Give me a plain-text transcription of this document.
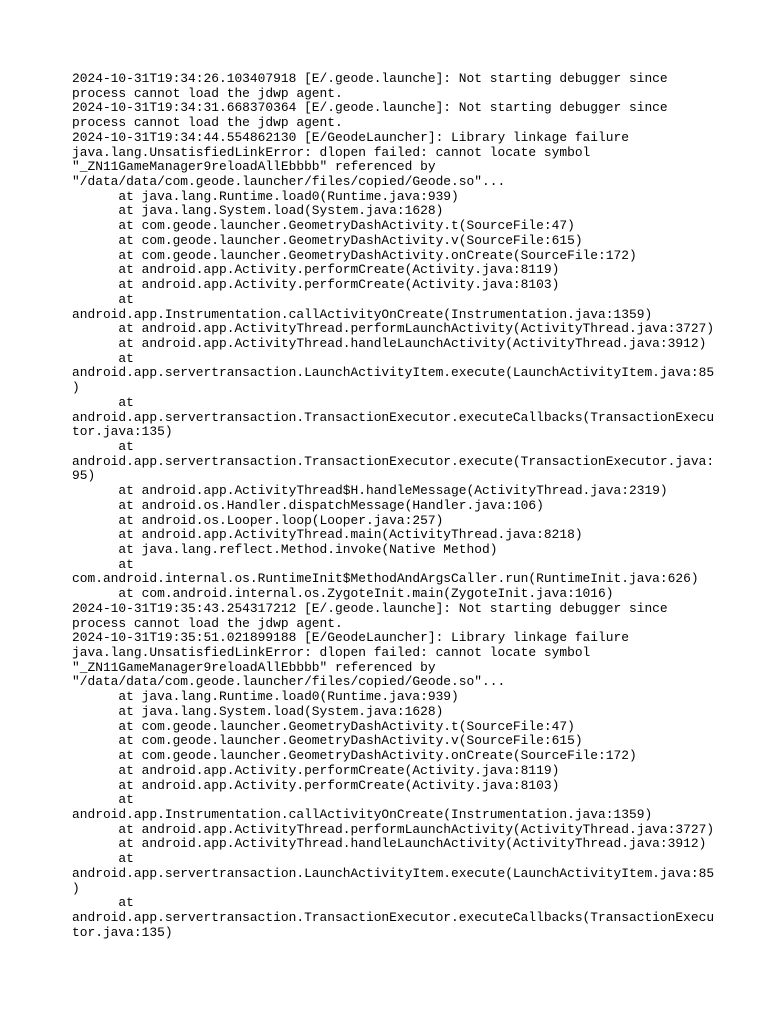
2024-10-31T19:34:26.103407918 [E/.geode.launche]: Not starting debugger since
process cannot load the jdwp agent.
2024-10-31T19:34:31.668370364 [E/.geode.launche]: Not starting debugger since
process cannot load the jdwp agent.
2024-10-31T19:34:44.554862130 [E/GeodeLauncher]: Library linkage failure
java.lang.UnsatisfiedLinkError: dlopen failed: cannot locate symbol
"_ZN11GameManager9reloadAllEbbbb" referenced by
"/data/data/com.geode.launcher/files/copied/Geode.so"...
at java.lang.Runtime.load0(Runtime.java:939)
at java.lang.System.load(System.java:1628)
at com.geode.launcher.GeometryDashActivity.t(SourceFile:47)
at com.geode.launcher.GeometryDashActivity.v(SourceFile:615)
at com.geode.launcher.GeometryDashActivity.onCreate(SourceFile:172)
at android.app.Activity.performCreate(Activity.java:8119)
at android.app.Activity.performCreate(Activity.java:8103)
at
android.app.Instrumentation.callActivityOnCreate(Instrumentation.java:1359)
at android.app.ActivityThread.performLaunchActivity(ActivityThread.java:3727)
at android.app.ActivityThread.handleLaunchActivity(ActivityThread.java:3912)
at
android.app.servertransaction.LaunchActivityItem.execute(LaunchActivityItem.java:85
)
at
android.app.servertransaction.TransactionExecutor.executeCallbacks(TransactionExecu
tor.java:135)
at
android.app.servertransaction.TransactionExecutor.execute(TransactionExecutor.java:
95)
at android.app.ActivityThread$H.handleMessage(ActivityThread.java:2319)
at android.os.Handler.dispatchMessage(Handler.java:106)
at android.os.Looper.loop(Looper.java:257)
at android.app.ActivityThread.main(ActivityThread.java:8218)
at java.lang.reflect.Method.invoke(Native Method)
at
com.android.internal.os.RuntimeInit$MethodAndArgsCaller.run(RuntimeInit.java:626)
at com.android.internal.os.ZygoteInit.main(ZygoteInit.java:1016)
2024-10-31T19:35:43.254317212 [E/.geode.launche]: Not starting debugger since
process cannot load the jdwp agent.
2024-10-31T19:35:51.021899188 [E/GeodeLauncher]: Library linkage failure
java.lang.UnsatisfiedLinkError: dlopen failed: cannot locate symbol
"_ZN11GameManager9reloadAllEbbbb" referenced by
"/data/data/com.geode.launcher/files/copied/Geode.so"...
at java.lang.Runtime.load0(Runtime.java:939)
at java.lang.System.load(System.java:1628)
at com.geode.launcher.GeometryDashActivity.t(SourceFile:47)
at com.geode.launcher.GeometryDashActivity.v(SourceFile:615)
at com.geode.launcher.GeometryDashActivity.onCreate(SourceFile:172)
at android.app.Activity.performCreate(Activity.java:8119)
at android.app.Activity.performCreate(Activity.java:8103)
at
android.app.Instrumentation.callActivityOnCreate(Instrumentation.java:1359)
at android.app.ActivityThread.performLaunchActivity(ActivityThread.java:3727)
at android.app.ActivityThread.handleLaunchActivity(ActivityThread.java:3912)
at
android.app.servertransaction.LaunchActivityItem.execute(LaunchActivityItem.java:85
)
at
android.app.servertransaction.TransactionExecutor.executeCallbacks(TransactionExecu
tor.java:135)
